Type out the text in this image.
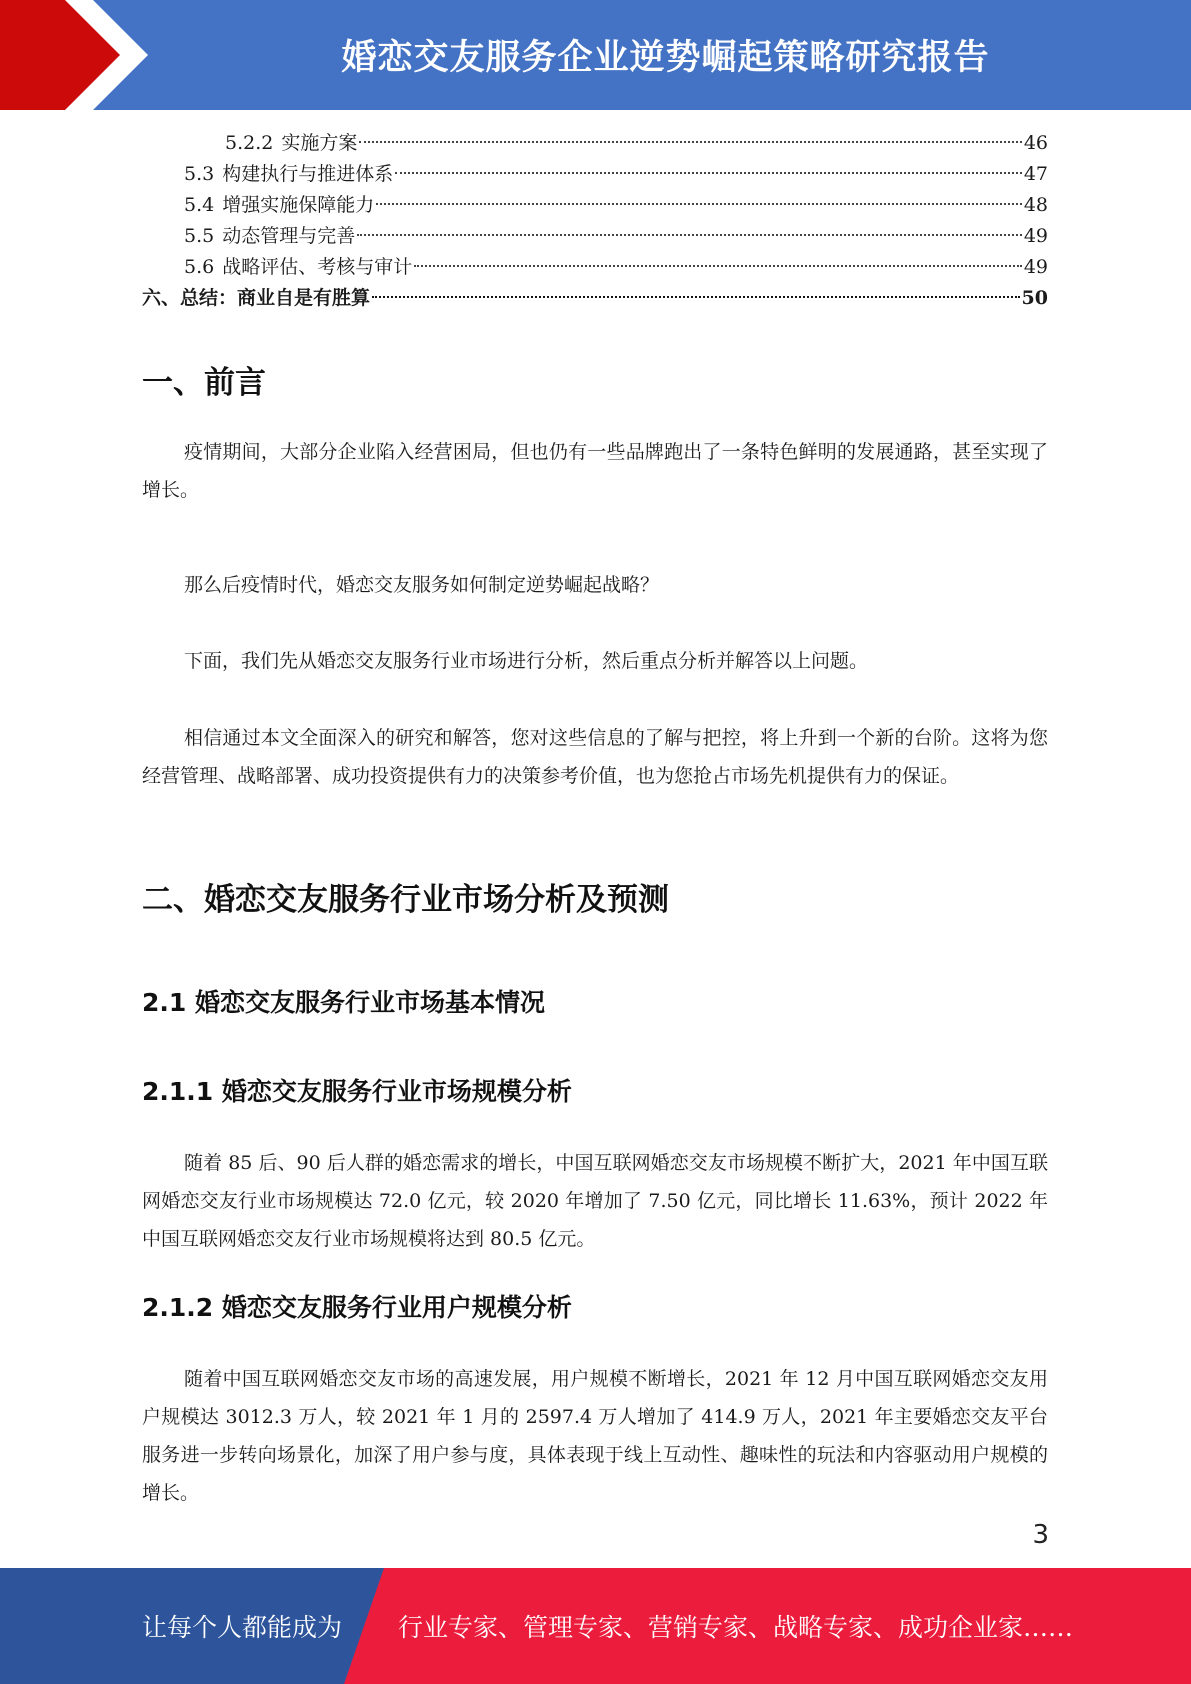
婚恋交友服务企业逆势崛起策略研究报告
5.2.2 实施方案	46
5.3 构建执行与推进体系	47
5.4 增强实施保障能力	48
5.5 动态管理与完善	49
5.6 战略评估、考核与审计	49
六、总结：商业自是有胜算	50
一、前言

疫情期间，大部分企业陷入经营困局，但也仍有一些品牌跑出了一条特色鲜明的发展通路，甚至实现了增长。

那么后疫情时代，婚恋交友服务如何制定逆势崛起战略？

下面，我们先从婚恋交友服务行业市场进行分析，然后重点分析并解答以上问题。

相信通过本文全面深入的研究和解答，您对这些信息的了解与把控，将上升到一个新的台阶。这将为您经营管理、战略部署、成功投资提供有力的决策参考价值，也为您抢占市场先机提供有力的保证。

二、婚恋交友服务行业市场分析及预测
2.1 婚恋交友服务行业市场基本情况
2.1.1 婚恋交友服务行业市场规模分析

随着 85 后、90 后人群的婚恋需求的增长，中国互联网婚恋交友市场规模不断扩大，2021 年中国互联网婚恋交友行业市场规模达 72.0 亿元，较 2020 年增加了 7.50 亿元，同比增长 11.63%，预计 2022 年中国互联网婚恋交友行业市场规模将达到 80.5 亿元。

2.1.2 婚恋交友服务行业用户规模分析

随着中国互联网婚恋交友市场的高速发展，用户规模不断增长，2021 年 12 月中国互联网婚恋交友用户规模达 3012.3 万人，较 2021 年 1 月的 2597.4 万人增加了 414.9 万人，2021 年主要婚恋交友平台服务进一步转向场景化，加深了用户参与度，具体表现于线上互动性、趣味性的玩法和内容驱动用户规模的增长。

3
让每个人都能成为 行业专家、管理专家、营销专家、战略专家、成功企业家……
